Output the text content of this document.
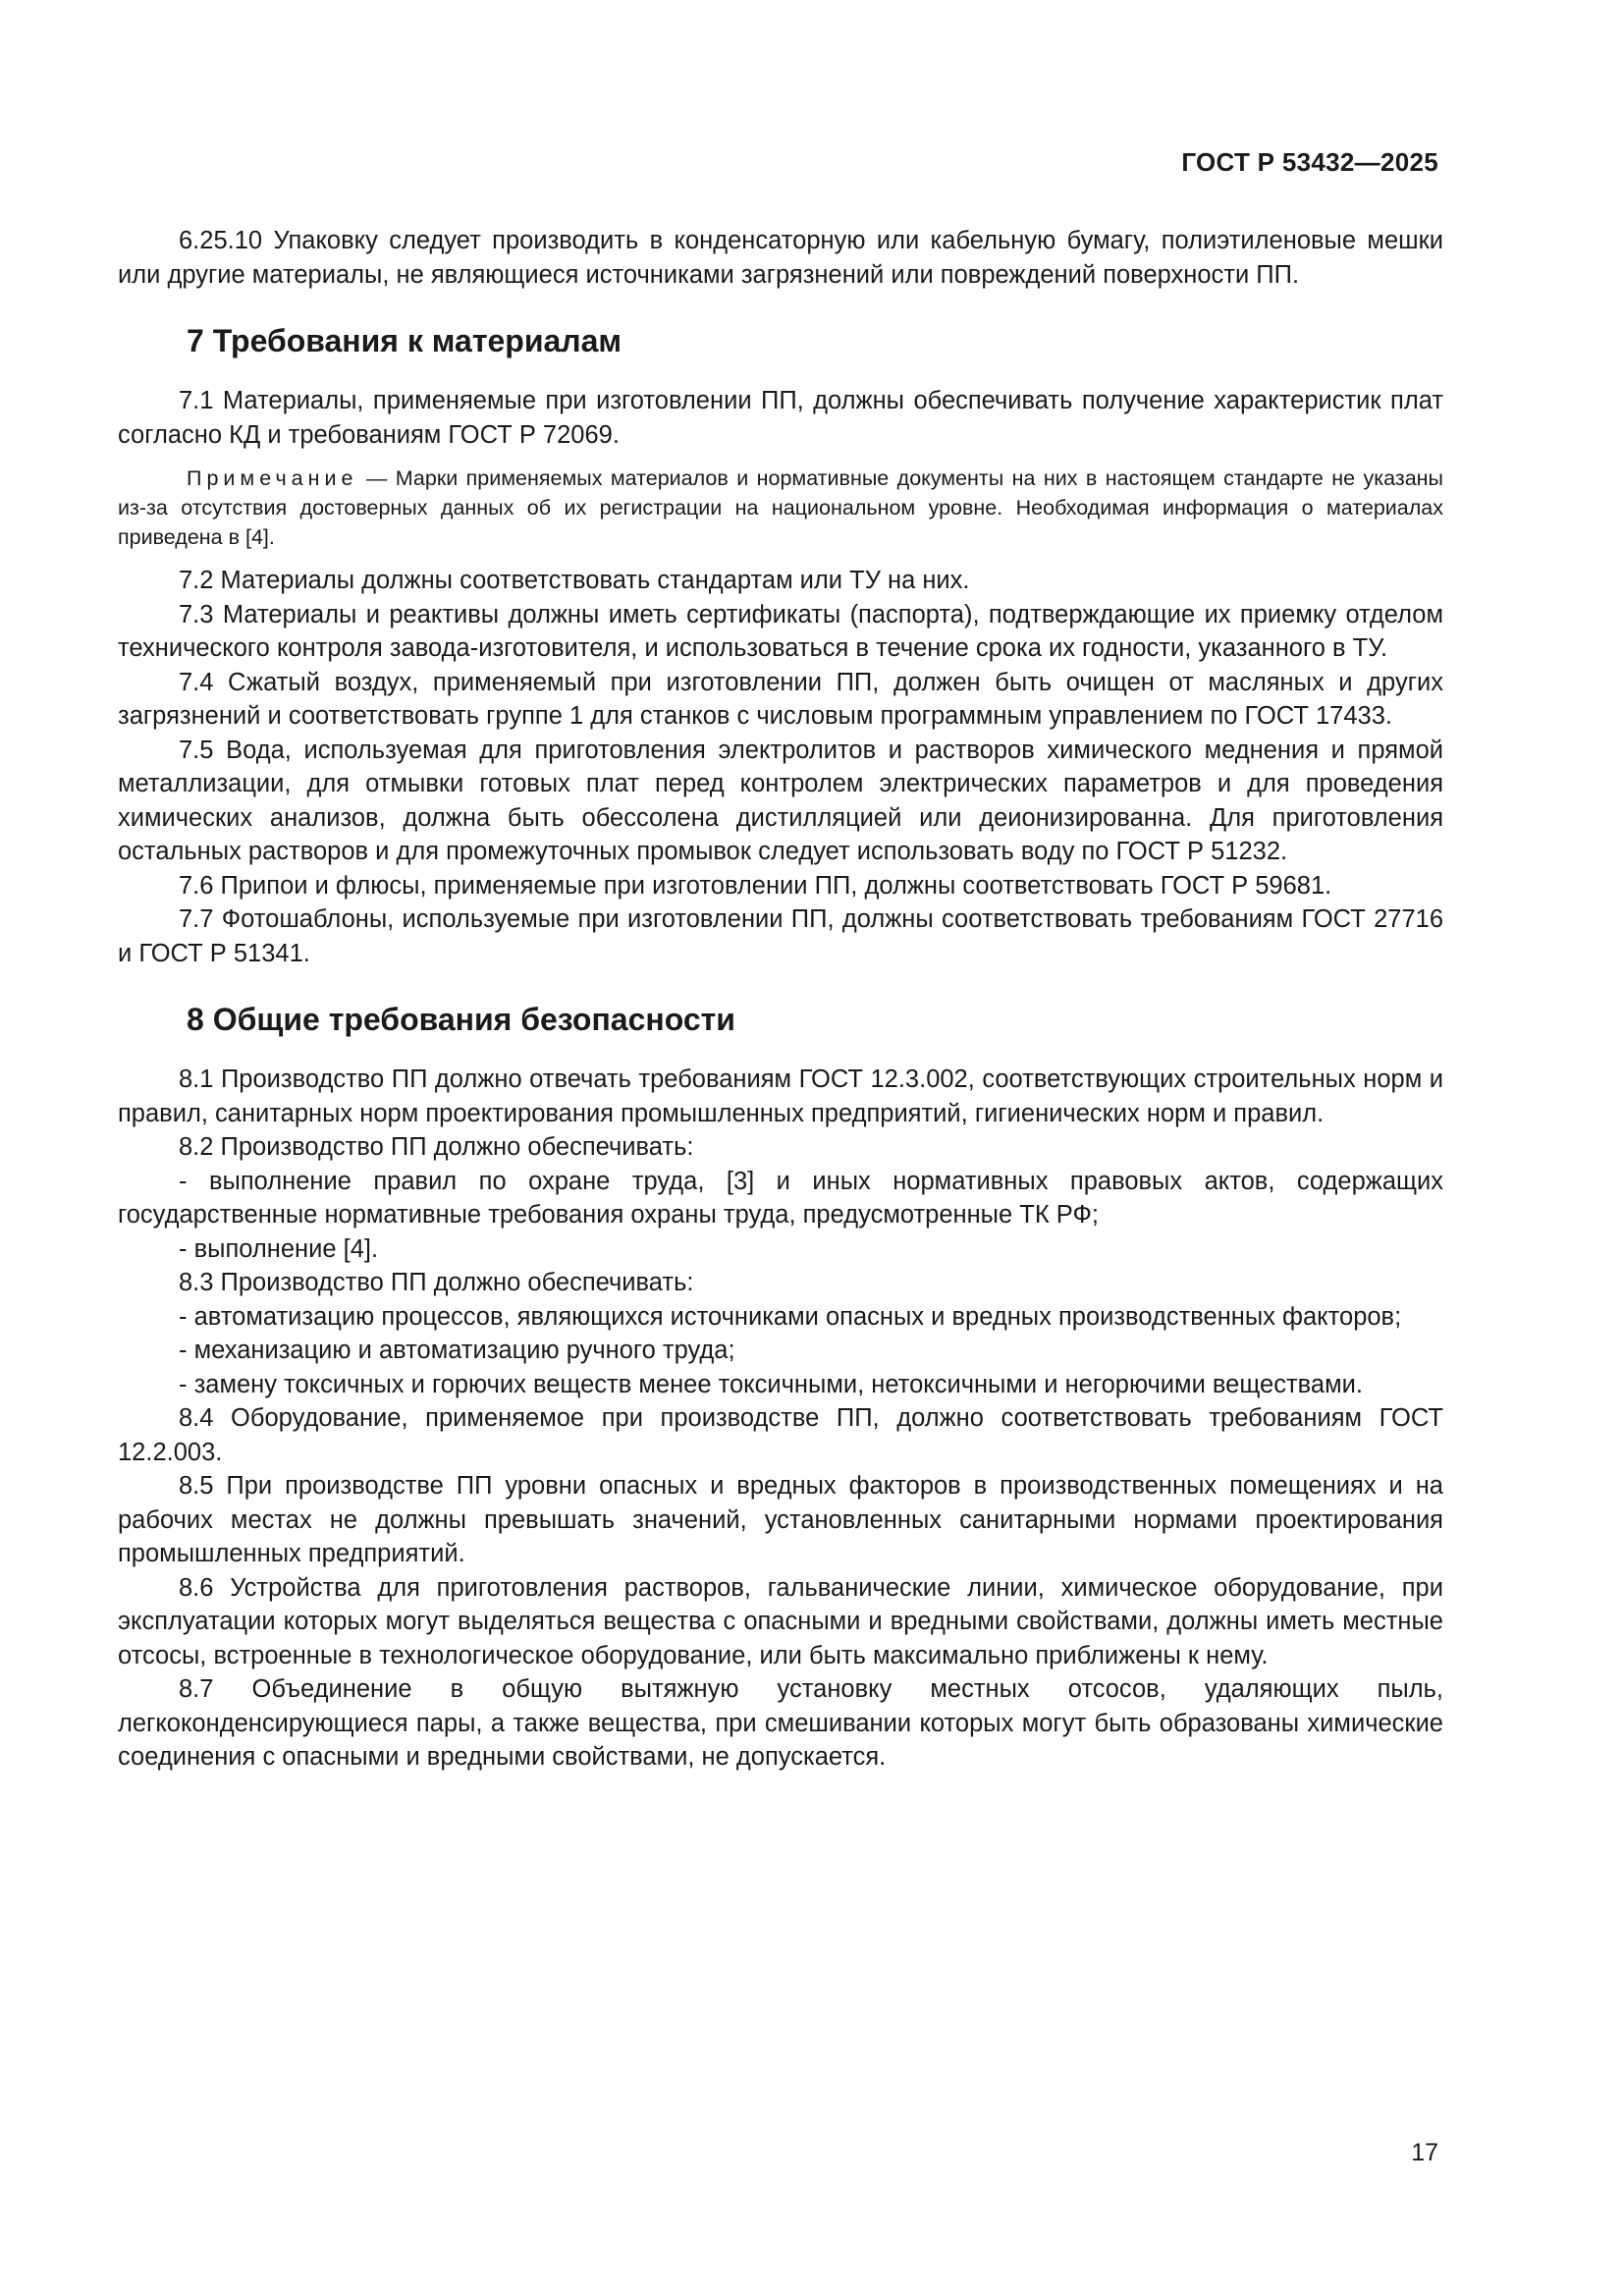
ГОСТ Р 53432—2025

6.25.10 Упаковку следует производить в конденсаторную или кабельную бумагу, полиэтиленовые мешки или другие материалы, не являющиеся источниками загрязнений или повреждений поверхности ПП.

7 Требования к материалам

7.1 Материалы, применяемые при изготовлении ПП, должны обеспечивать получение характеристик плат согласно КД и требованиям ГОСТ Р 72069.

Примечание — Марки применяемых материалов и нормативные документы на них в настоящем стандарте не указаны из-за отсутствия достоверных данных об их регистрации на национальном уровне. Необходимая информация о материалах приведена в [4].

7.2 Материалы должны соответствовать стандартам или ТУ на них.

7.3 Материалы и реактивы должны иметь сертификаты (паспорта), подтверждающие их приемку отделом технического контроля завода-изготовителя, и использоваться в течение срока их годности, указанного в ТУ.

7.4 Сжатый воздух, применяемый при изготовлении ПП, должен быть очищен от масляных и других загрязнений и соответствовать группе 1 для станков с числовым программным управлением по ГОСТ 17433.

7.5 Вода, используемая для приготовления электролитов и растворов химического меднения и прямой металлизации, для отмывки готовых плат перед контролем электрических параметров и для проведения химических анализов, должна быть обессолена дистилляцией или деионизированна. Для приготовления остальных растворов и для промежуточных промывок следует использовать воду по ГОСТ Р 51232.

7.6 Припои и флюсы, применяемые при изготовлении ПП, должны соответствовать ГОСТ Р 59681.

7.7 Фотошаблоны, используемые при изготовлении ПП, должны соответствовать требованиям ГОСТ 27716 и ГОСТ Р 51341.

8 Общие требования безопасности

8.1 Производство ПП должно отвечать требованиям ГОСТ 12.3.002, соответствующих строительных норм и правил, санитарных норм проектирования промышленных предприятий, гигиенических норм и правил.

8.2 Производство ПП должно обеспечивать:

- выполнение правил по охране труда, [3] и иных нормативных правовых актов, содержащих государственные нормативные требования охраны труда, предусмотренные ТК РФ;

- выполнение [4].

8.3 Производство ПП должно обеспечивать:

- автоматизацию процессов, являющихся источниками опасных и вредных производственных факторов;

- механизацию и автоматизацию ручного труда;

- замену токсичных и горючих веществ менее токсичными, нетоксичными и негорючими веществами.

8.4 Оборудование, применяемое при производстве ПП, должно соответствовать требованиям ГОСТ 12.2.003.

8.5 При производстве ПП уровни опасных и вредных факторов в производственных помещениях и на рабочих местах не должны превышать значений, установленных санитарными нормами проектирования промышленных предприятий.

8.6 Устройства для приготовления растворов, гальванические линии, химическое оборудование, при эксплуатации которых могут выделяться вещества с опасными и вредными свойствами, должны иметь местные отсосы, встроенные в технологическое оборудование, или быть максимально приближены к нему.

8.7 Объединение в общую вытяжную установку местных отсосов, удаляющих пыль, легкоконденсирующиеся пары, а также вещества, при смешивании которых могут быть образованы химические соединения с опасными и вредными свойствами, не допускается.

17
